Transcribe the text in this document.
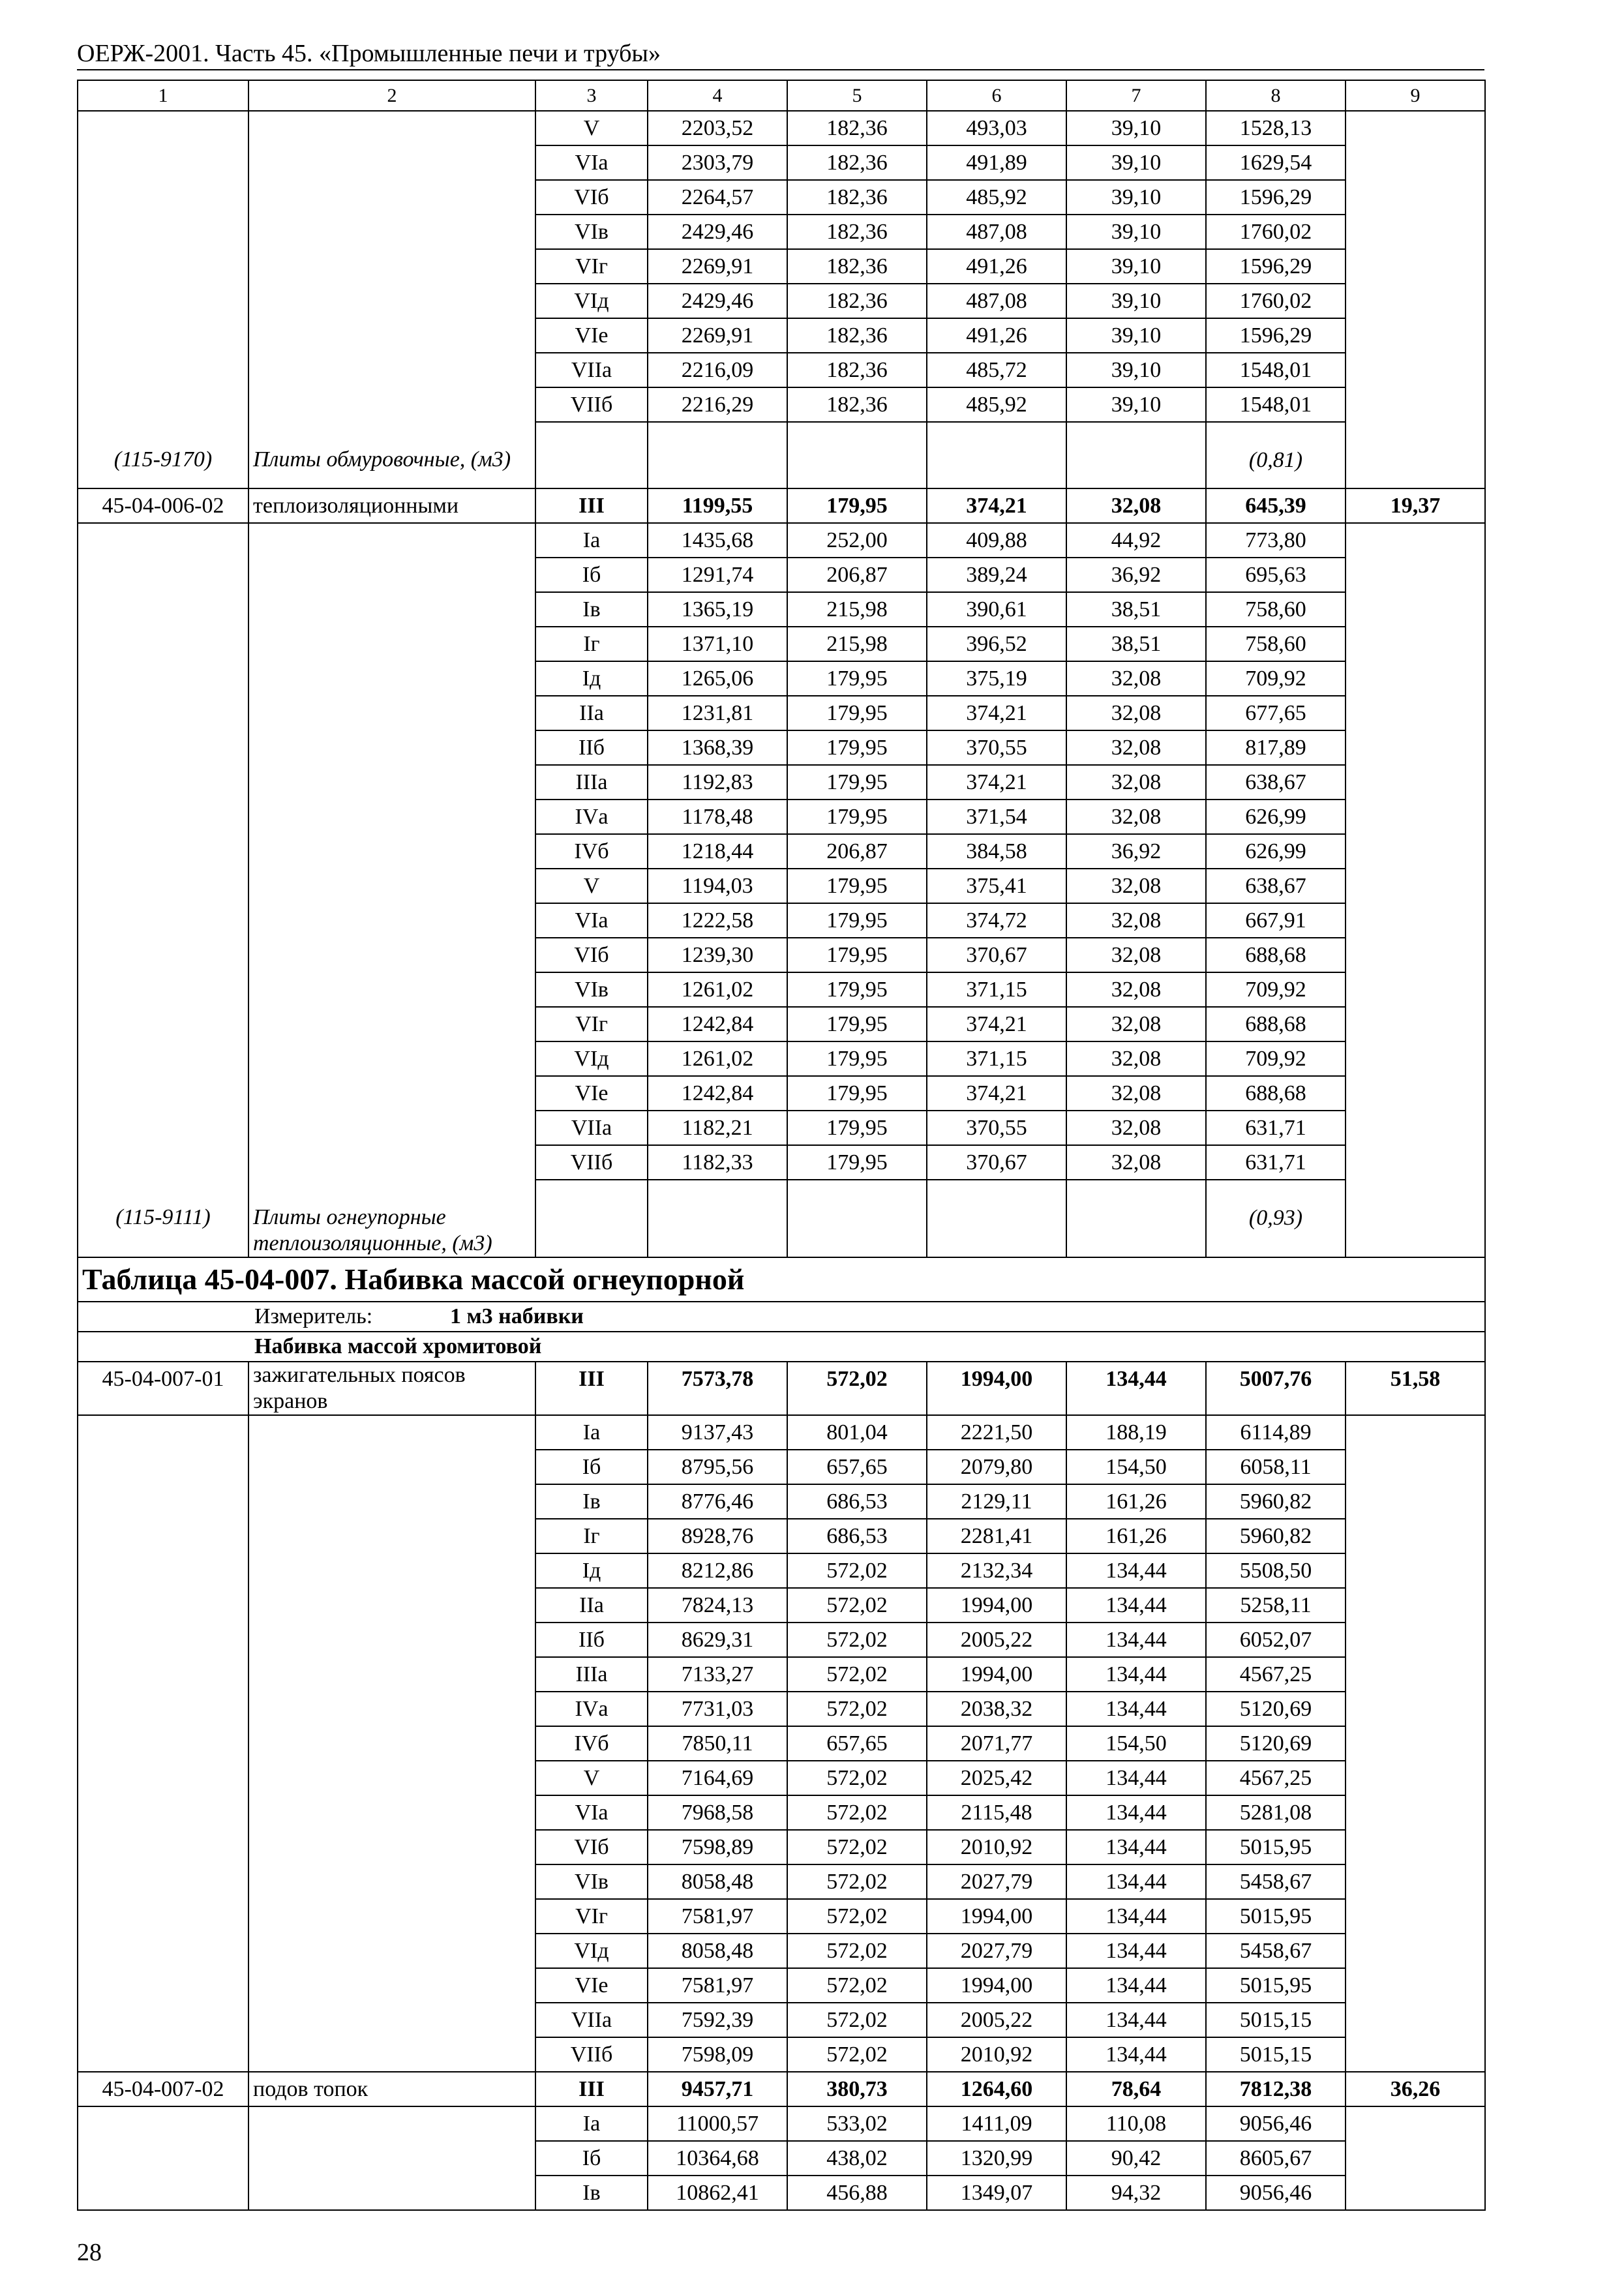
ОЕРЖ-2001. Часть 45. «Промышленные печи и трубы»
1	2	3	4	5	6	7	8	9
		V	2203,52	182,36	493,03	39,10	1528,13	
		VIа	2303,79	182,36	491,89	39,10	1629,54	
		VIб	2264,57	182,36	485,92	39,10	1596,29	
		VIв	2429,46	182,36	487,08	39,10	1760,02	
		VIг	2269,91	182,36	491,26	39,10	1596,29	
		VIд	2429,46	182,36	487,08	39,10	1760,02	
		VIе	2269,91	182,36	491,26	39,10	1596,29	
		VIIа	2216,09	182,36	485,72	39,10	1548,01	
		VIIб	2216,29	182,36	485,92	39,10	1548,01	

(115-9170)	Плиты обмуровочные, (м3)						(0,81)	

45-04-006-02	теплоизоляционными	III	1199,55	179,95	374,21	32,08	645,39	19,37
		Iа	1435,68	252,00	409,88	44,92	773,80	
		Iб	1291,74	206,87	389,24	36,92	695,63	
		Iв	1365,19	215,98	390,61	38,51	758,60	
		Iг	1371,10	215,98	396,52	38,51	758,60	
		Iд	1265,06	179,95	375,19	32,08	709,92	
		IIа	1231,81	179,95	374,21	32,08	677,65	
		IIб	1368,39	179,95	370,55	32,08	817,89	
		IIIа	1192,83	179,95	374,21	32,08	638,67	
		IVа	1178,48	179,95	371,54	32,08	626,99	
		IVб	1218,44	206,87	384,58	36,92	626,99	
		V	1194,03	179,95	375,41	32,08	638,67	
		VIа	1222,58	179,95	374,72	32,08	667,91	
		VIб	1239,30	179,95	370,67	32,08	688,68	
		VIв	1261,02	179,95	371,15	32,08	709,92	
		VIг	1242,84	179,95	374,21	32,08	688,68	
		VIд	1261,02	179,95	371,15	32,08	709,92	
		VIе	1242,84	179,95	374,21	32,08	688,68	
		VIIа	1182,21	179,95	370,55	32,08	631,71	
		VIIб	1182,33	179,95	370,67	32,08	631,71	

(115-9111)	Плиты огнеупорные теплоизоляционные, (м3)						(0,93)	

Таблица 45-04-007. Набивка массой огнеупорной								
Измеритель: 1 м3 набивки								
Набивка массой хромитовой								
45-04-007-01	зажигательных поясов экранов	III	7573,78	572,02	1994,00	134,44	5007,76	51,58
		Iа	9137,43	801,04	2221,50	188,19	6114,89	
		Iб	8795,56	657,65	2079,80	154,50	6058,11	
		Iв	8776,46	686,53	2129,11	161,26	5960,82	
		Iг	8928,76	686,53	2281,41	161,26	5960,82	
		Iд	8212,86	572,02	2132,34	134,44	5508,50	
		IIа	7824,13	572,02	1994,00	134,44	5258,11	
		IIб	8629,31	572,02	2005,22	134,44	6052,07	
		IIIа	7133,27	572,02	1994,00	134,44	4567,25	
		IVа	7731,03	572,02	2038,32	134,44	5120,69	
		IVб	7850,11	657,65	2071,77	154,50	5120,69	
		V	7164,69	572,02	2025,42	134,44	4567,25	
		VIа	7968,58	572,02	2115,48	134,44	5281,08	
		VIб	7598,89	572,02	2010,92	134,44	5015,95	
		VIв	8058,48	572,02	2027,79	134,44	5458,67	
		VIг	7581,97	572,02	1994,00	134,44	5015,95	
		VIд	8058,48	572,02	2027,79	134,44	5458,67	
		VIе	7581,97	572,02	1994,00	134,44	5015,95	
		VIIа	7592,39	572,02	2005,22	134,44	5015,15	
		VIIб	7598,09	572,02	2010,92	134,44	5015,15	
45-04-007-02	подов топок	III	9457,71	380,73	1264,60	78,64	7812,38	36,26
		Iа	11000,57	533,02	1411,09	110,08	9056,46	
		Iб	10364,68	438,02	1320,99	90,42	8605,67	
		Iв	10862,41	456,88	1349,07	94,32	9056,46	
28
